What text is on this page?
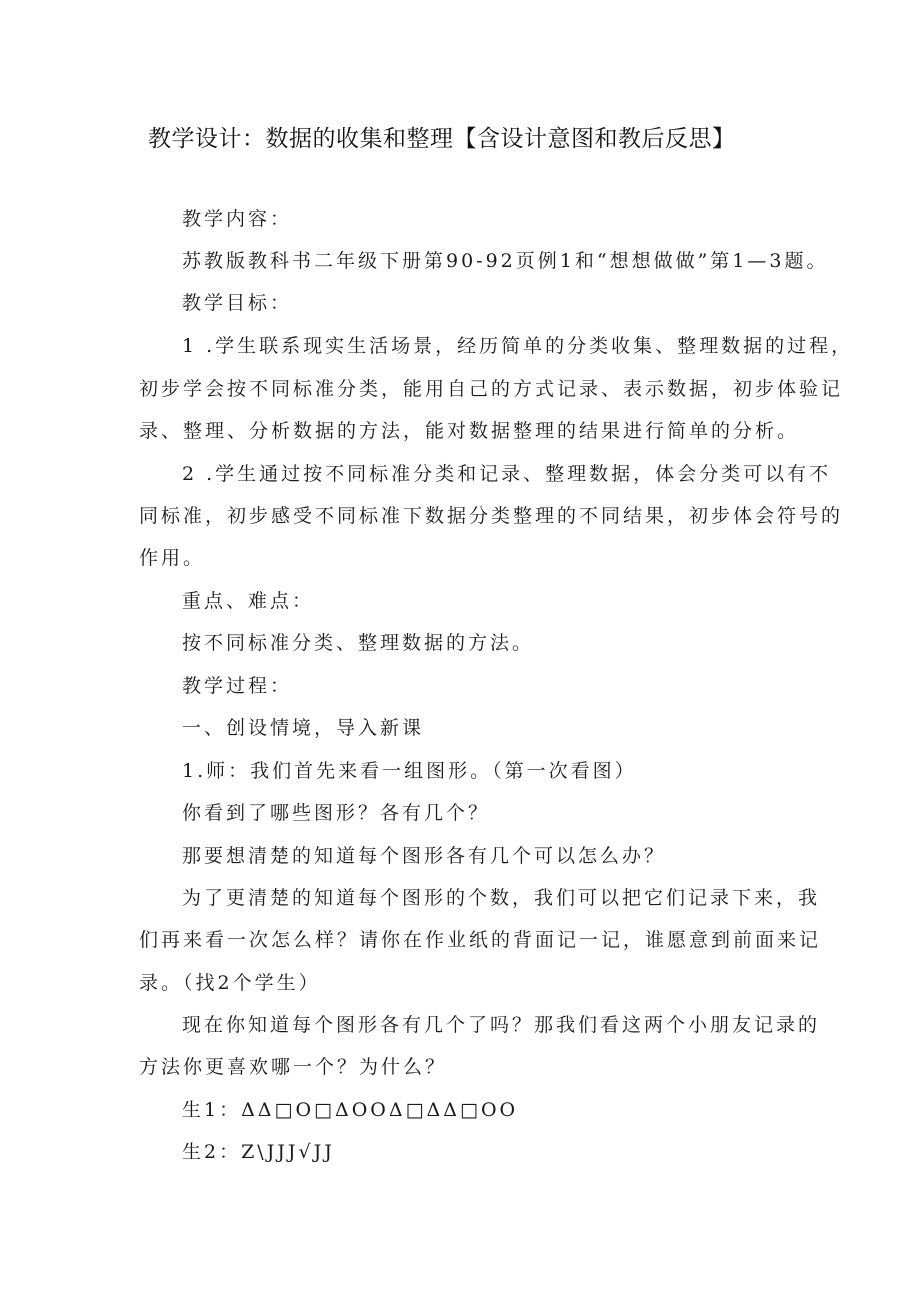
教学设计：数据的收集和整理【含设计意图和教后反思】
教学内容：
苏教版教科书二年级下册第90-92页例1和“想想做做”第1—3题。
教学目标：
1 .学生联系现实生活场景，经历简单的分类收集、整理数据的过程，
初步学会按不同标准分类，能用自己的方式记录、表示数据，初步体验记
录、整理、分析数据的方法，能对数据整理的结果进行简单的分析。
2 .学生通过按不同标准分类和记录、整理数据，体会分类可以有不
同标准，初步感受不同标准下数据分类整理的不同结果，初步体会符号的
作用。
重点、难点：
按不同标准分类、整理数据的方法。
教学过程：
一、创设情境，导入新课
1.师：我们首先来看一组图形。（第一次看图）
你看到了哪些图形？各有几个？
那要想清楚的知道每个图形各有几个可以怎么办？
为了更清楚的知道每个图形的个数，我们可以把它们记录下来，我
们再来看一次怎么样？请你在作业纸的背面记一记，谁愿意到前面来记
录。（找2个学生）
现在你知道每个图形各有几个了吗？那我们看这两个小朋友记录的
方法你更喜欢哪一个？为什么？
生1：ΔΔ□O□ΔOOΔ□ΔΔ□OO
生2：Z\JJJ√JJ
